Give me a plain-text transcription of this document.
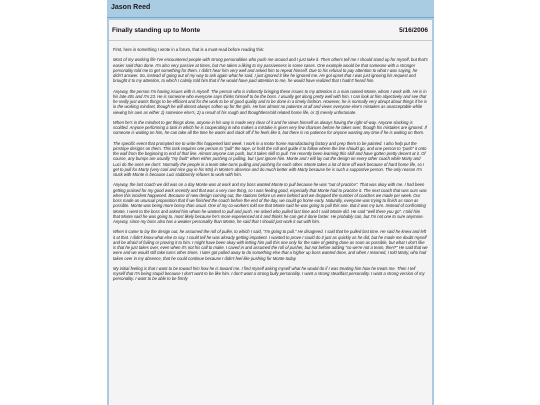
Jason Reed
Finally standing up to Monte	5/16/2006

First, here is something I wrote in a forum, that is a must-read before reading this:

Most of my working life I've encountered people with strong personalities who push me around and I just take it. Then others tell me I should stand up for myself, but that's easier said than done. I'm also very passive at times, but I've taken a liking to my passiveness in some cases. One example would be that someone with a stronger personality told me to get something for them. I didn't hear him very well and asked him to repeat himself. Due to his refusal to pay attention to what I was saying, he didn't answer. So, instead of going out of my way to ask again what he said, I just ignored it like he ignored me. He got upset that I was just ignoring his request and brought it to my attention, to which I calmly told him that if he would have paid attention to me, he would have realized that I hadn't heard him.

Anyway, the person I'm having issues with is myself. The person who is indirectly bringing these issues to my attention is a man named Monte, whom I work with. He is in his late 40s and I'm 23. He is someone who everyone says thinks himself to be the boss. I usually get along pretty well with him. I can look at him objectively and see that he really just wants things to be efficient and for the work to be of good quality and to be done in a timely fashion. However, he is normally very abrupt about things if he is in the working mindset, though he will almost always soften up for the girls. He has almost no patience at all and views everyone else's mistakes as unacceptable while viewing his own as either 1) someone else's, 2) a result of his rough and thoughtless/old related home life, or 3) merely unfortunate.

When he's in the mindset to get things done, anyone in his way is made very clear of it and he views himself as always having the right-of-way. Anyone slacking is scolded. Anyone performing a task in which he is cooperating in who makes a mistake is given very few chances before he takes over, though his mistakes are ignored. If someone is waiting on him, he can take all the time he wants and slack off if he feels like it, but there is no patience for anyone wasting any time if he is waiting on them.

The specific event that prompted me to write this happened last week. I work in a motor home manufacturing factory and prep them to be painted. I also help put the pinstripe designs on them. This task requires one person to "pull" the tape, or hold the roll and guide it to follow where the line should go, and one person to "push" it onto the wall from the beginning to end of that line. Almost anyone can push, but it takes skill to pull. I've recently been learning this skill and have gotten pretty decent at it. Of course, any bumps are usually "my fault" when either pushing or pulling, but I just ignore him. Monte and I will lay out the design on every other coach while Marty and Luci do the ones we don't. Normally the people in a team take turns pulling and pushing for each other. Monte takes a lot of time off work because of hard home life, so I get to pull for Marty (very cool and nice guy in his 50s) in Monte's absence and do much better with Marty because he is such a supportive person. The only reason I'm stuck with Monte is because Luci stubbornly refuses to work with him.

Anyway, the last coach we did was on a day Monte was at work and my boss wanted Monte to pull because he was "out of practice". That was okay with me. I had been getting praised for my good work recently and that was a very rare thing, so I was feeling good, especially that Monte had to practice it. The next coach that was ours was when this incident happened. Because of new design coming out, the stations before us were behind and we dropped the number of coaches we made per week. Our boss made an unusual proposition that if we finished the coach before the end of the day, we could go home early. Naturally, everyone was trying to finish as soon as possible. Monte was being more bossy than usual. One of my co-workers told me that Monte said he was going to pull this one. But it was my turn. Instead of confronting Monte, I went to the boss and asked him whom he wanted to pull and push. He asked who pulled last time and I said Monte did. He said "well there you go". I told him that Monte said he was going to, most likely because he's more experienced at it and thinks he can get it done faster. He probably can, but I'm not one to sure anymore. Anyway, since my boss also has a weaker personality than Monte, he said that I should just work it out with him.

When it came to lay the design out, he assumed the roll of puller, to which I said, "I'm going to pull." He disagreed. I said that he pulled last time. He said he knew and left it at that. I didn't know what else to say. I could tell he was already getting impatient. I wanted to prove I could do it just as quickly as he did, but he made me doubt myself and be afraid of failing or proving it to him. I might have been okay with letting him pull this one only for the sake of getting done as soon as possible, but what I don't like is that he just takes over, even when it's not his call to make. I caved in and assumed the roll of pusher, but not before adding "so we're not a team, then?" He said that we were and we would still take turns other times. I later got pulled away to do something else that a higher up boss wanted done, and when I returned, I told Marty, who had taken over in my absence, that he could continue because I didn't feel like pushing for Monte today.

My initial feeling is that I want to be toward him how he is toward me. I find myself asking myself what he would do if I was treating him how he treats me. Then I tell myself that I'm being stupid because I don't want to be like him. I don't want a strong bully personality. I want a strong steadfast personality. I want a strong version of my personality. I want to be able to be firmly
